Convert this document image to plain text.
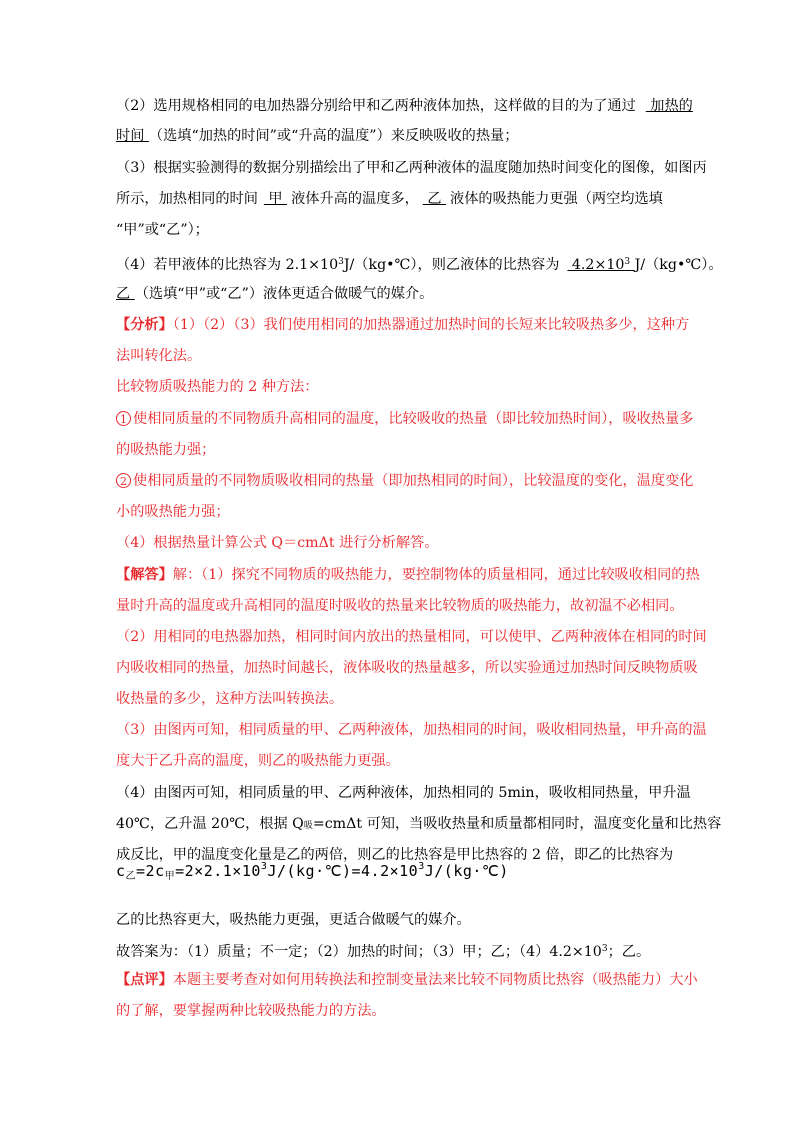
（2）选用规格相同的电加热器分别给甲和乙两种液体加热，这样做的目的为了通过 加热的
时间 （选填“加热的时间”或“升高的温度”）来反映吸收的热量；
（3）根据实验测得的数据分别描绘出了甲和乙两种液体的温度随加热时间变化的图像，如图丙
所示，加热相同的时间 甲 液体升高的温度多， 乙 液体的吸热能力更强（两空均选填
“甲”或“乙”）；
（4）若甲液体的比热容为 $2.1\times 10^3J/(kg•℃)$，则乙液体的比热容为 $4.2\times 10^3$ J/（kg•℃）。
乙 （选填“甲”或“乙”）液体更适合做暖气的媒介。
【分析】（1）（2）（3）我们使用相同的加热器通过加热时间的长短来比较吸热多少，这种方
法叫转化法。
比较物质吸热能力的 2 种方法：
1 使相同质量的不同物质升高相同的温度，比较吸收的热量（即比较加热时间），吸收热量多
的吸热能力强；
2 使相同质量的不同物质吸收相同的热量（即加热相同的时间），比较温度的变化，温度变化
小的吸热能力强；
（4）根据热量计算公式 Q＝cmΔt 进行分析解答。
【解答】解：（1）探究不同物质的吸热能力，要控制物体的质量相同，通过比较吸收相同的热
量时升高的温度或升高相同的温度时吸收的热量来比较物质的吸热能力，故初温不必相同。
（2）用相同的电热器加热，相同时间内放出的热量相同，可以使甲、乙两种液体在相同的时间
内吸收相同的热量，加热时间越长，液体吸收的热量越多，所以实验通过加热时间反映物质吸
收热量的多少，这种方法叫转换法。
（3）由图丙可知，相同质量的甲、乙两种液体，加热相同的时间，吸收相同热量，甲升高的温
度大于乙升高的温度，则乙的吸热能力更强。
（4）由图丙可知，相同质量的甲、乙两种液体，加热相同的 5min，吸收相同热量，甲升温
40℃，乙升温 20℃，根据 Q吸=cmΔt 可知，当吸收热量和质量都相同时，温度变化量和比热容
成反比，甲的温度变化量是乙的两倍，则乙的比热容是甲比热容的 2 倍，即乙的比热容为
$c_乙=2c_甲=2\times 2.1\times 10^3J/(kg\cdot℃)=4.2\times 10^3J/(kg\cdot℃)$
乙的比热容更大，吸热能力更强，更适合做暖气的媒介。
故答案为：（1）质量；不一定；（2）加热的时间；（3）甲；乙；$(4)4.2\times 10^3$；乙。
【点评】本题主要考查对如何用转换法和控制变量法来比较不同物质比热容（吸热能力）大小
的了解，要掌握两种比较吸热能力的方法。
